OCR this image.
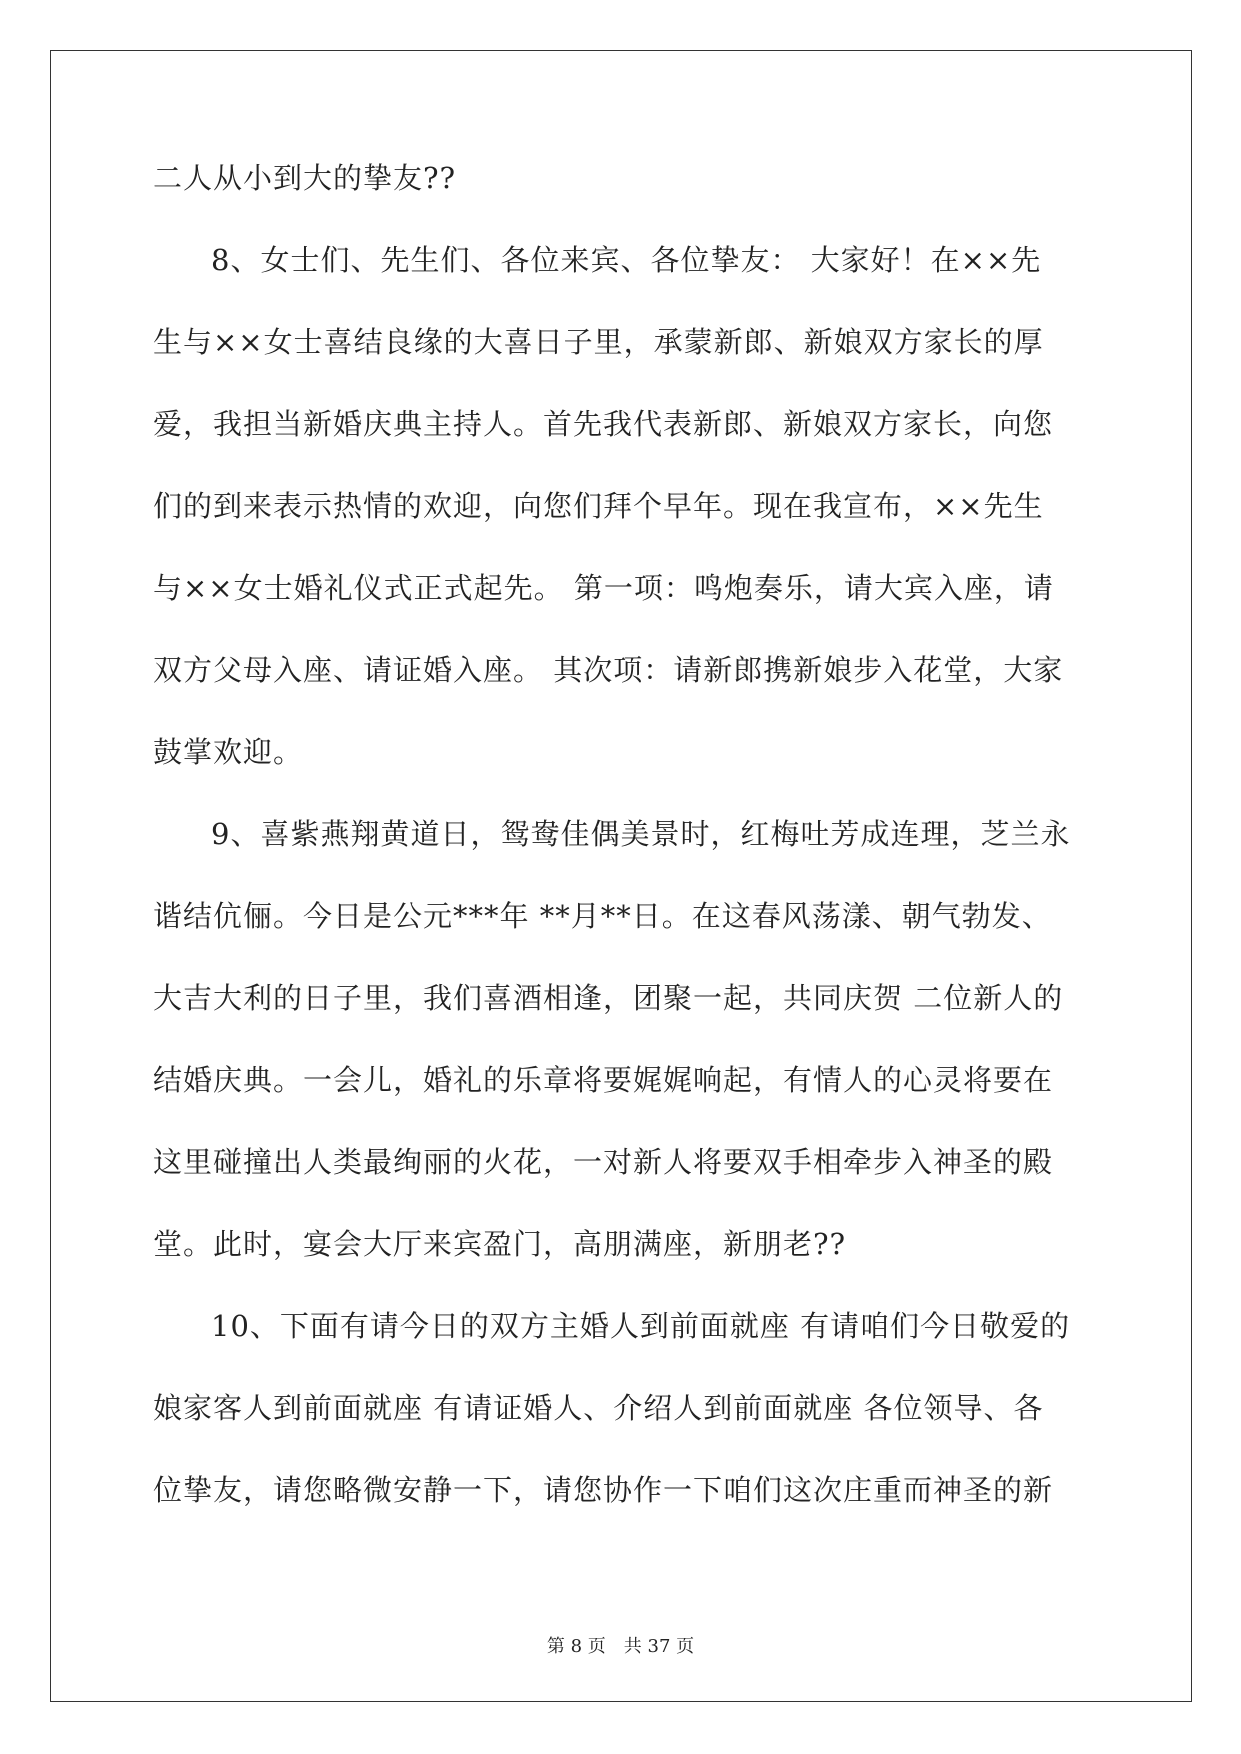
二人从小到大的挚友??
8、女士们、先生们、各位来宾、各位挚友： 大家好！在××先
生与××女士喜结良缘的大喜日子里，承蒙新郎、新娘双方家长的厚
爱，我担当新婚庆典主持人。首先我代表新郎、新娘双方家长，向您
们的到来表示热情的欢迎，向您们拜个早年。现在我宣布，××先生
与××女士婚礼仪式正式起先。 第一项：鸣炮奏乐，请大宾入座，请
双方父母入座、请证婚入座。 其次项：请新郎携新娘步入花堂，大家
鼓掌欢迎。
9、喜紫燕翔黄道日，鸳鸯佳偶美景时，红梅吐芳成连理，芝兰永
谐结伉俪。今日是公元***年 **月**日。在这春风荡漾、朝气勃发、
大吉大利的日子里，我们喜酒相逢，团聚一起，共同庆贺 二位新人的
结婚庆典。一会儿，婚礼的乐章将要娓娓响起，有情人的心灵将要在
这里碰撞出人类最绚丽的火花，一对新人将要双手相牵步入神圣的殿
堂。此时，宴会大厅来宾盈门，高朋满座，新朋老??
10、下面有请今日的双方主婚人到前面就座 有请咱们今日敬爱的
娘家客人到前面就座 有请证婚人、介绍人到前面就座 各位领导、各
位挚友，请您略微安静一下，请您协作一下咱们这次庄重而神圣的新
第 8 页 共 37 页
